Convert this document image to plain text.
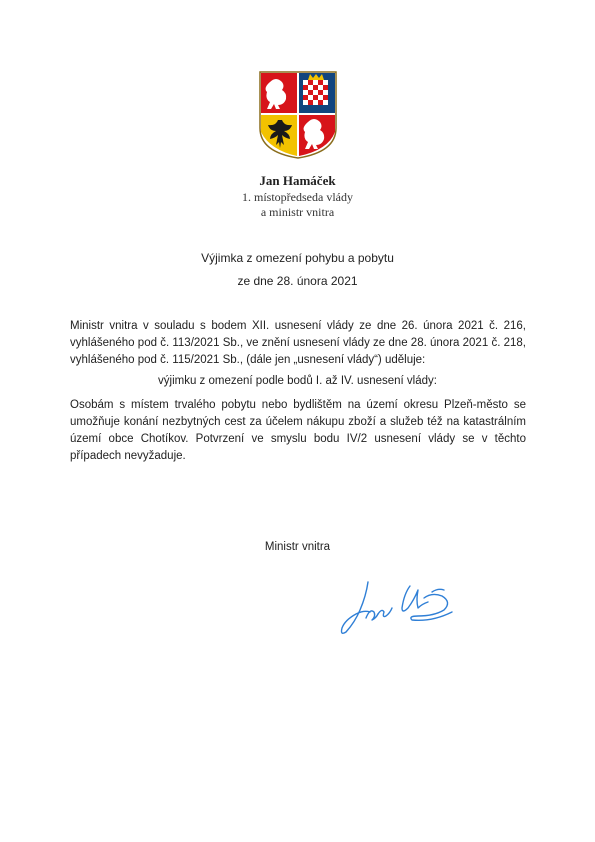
Jan Hamáček
1. místopředseda vlády
a ministr vnitra
Výjimka z omezení pohybu a pobytu
ze dne 28. února 2021
Ministr vnitra v souladu s bodem XII. usnesení vlády ze dne 26. února 2021 č. 216, vyhlášeného pod č. 113/2021 Sb., ve znění usnesení vlády ze dne 28. února 2021 č. 218, vyhlášeného pod č. 115/2021 Sb., (dále jen „usnesení vlády“) uděluje:
výjimku z omezení podle bodů I. až IV. usnesení vlády:
Osobám s místem trvalého pobytu nebo bydlištěm na území okresu Plzeň-město se umožňuje konání nezbytných cest za účelem nákupu zboží a služeb též na katastrálním území obce Chotíkov. Potvrzení ve smyslu bodu IV/2 usnesení vlády se v těchto případech nevyžaduje.
Ministr vnitra
